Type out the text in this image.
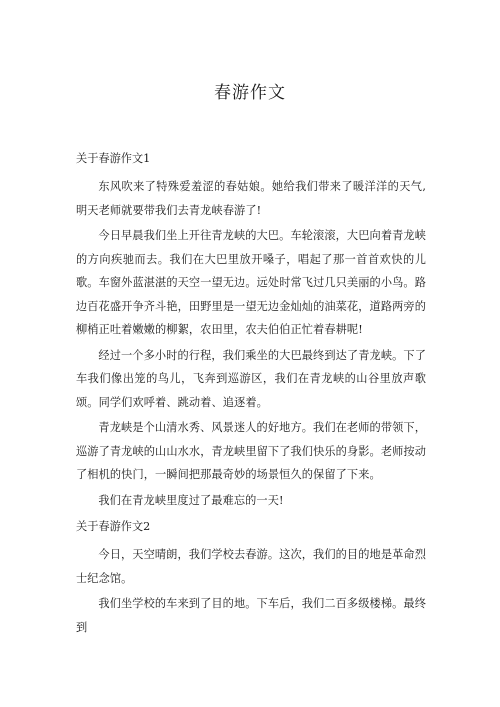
春游作文
关于春游作文1

东风吹来了特殊爱羞涩的春姑娘。她给我们带来了暖洋洋的天气,明天老师就要带我们去青龙峡春游了!

今日早晨我们坐上开往青龙峡的大巴。车轮滚滚，大巴向着青龙峡的方向疾驰而去。我们在大巴里放开嗓子，唱起了那一首首欢快的儿歌。车窗外蓝湛湛的天空一望无边。远处时常飞过几只美丽的小鸟。路边百花盛开争齐斗艳，田野里是一望无边金灿灿的油菜花，道路两旁的柳梢正吐着嫩嫩的柳絮，农田里，农夫伯伯正忙着春耕呢!

经过一个多小时的行程，我们乘坐的大巴最终到达了青龙峡。下了车我们像出笼的鸟儿，飞奔到巡游区，我们在青龙峡的山谷里放声歌颂。同学们欢呼着、跳动着、追逐着。

青龙峡是个山清水秀、风景迷人的好地方。我们在老师的带领下，巡游了青龙峡的山山水水，青龙峡里留下了我们快乐的身影。老师按动了相机的快门，一瞬间把那最奇妙的场景恒久的保留了下来。

我们在青龙峡里度过了最难忘的一天!

关于春游作文2

今日，天空晴朗，我们学校去春游。这次，我们的目的地是革命烈士纪念馆。

我们坐学校的车来到了目的地。下车后，我们二百多级楼梯。最终到
